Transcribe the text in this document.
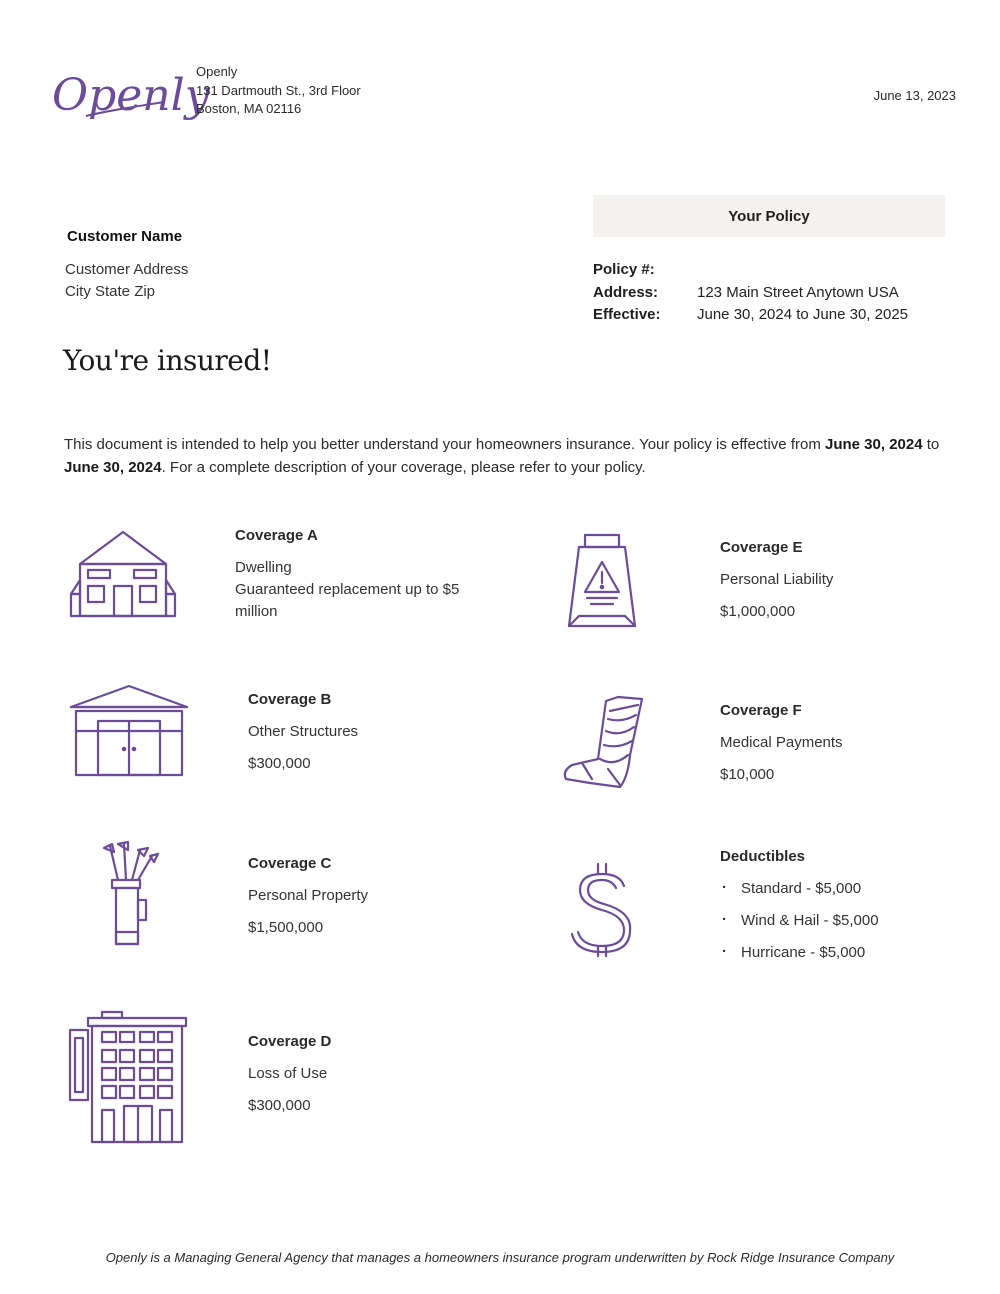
Openly
Openly
131 Dartmouth St., 3rd Floor
Boston, MA 02116
June 13, 2023
Customer Name
Customer Address
City State Zip
Your Policy
Policy #:
Address:	123 Main Street Anytown USA
Effective:	June 30, 2024 to June 30, 2025
You're insured!
This document is intended to help you better understand your homeowners insurance. Your policy is effective from June 30, 2024 to June 30, 2024. For a complete description of your coverage, please refer to your policy.
Coverage A
Dwelling
Guaranteed replacement up to $5
million
Coverage B
Other Structures
$300,000
Coverage C
Personal Property
$1,500,000
Coverage D
Loss of Use
$300,000
Coverage E
Personal Liability
$1,000,000
Coverage F
Medical Payments
$10,000
Deductibles
· Standard - $5,000
· Wind & Hail - $5,000
· Hurricane - $5,000
Openly is a Managing General Agency that manages a homeowners insurance program underwritten by Rock Ridge Insurance Company
